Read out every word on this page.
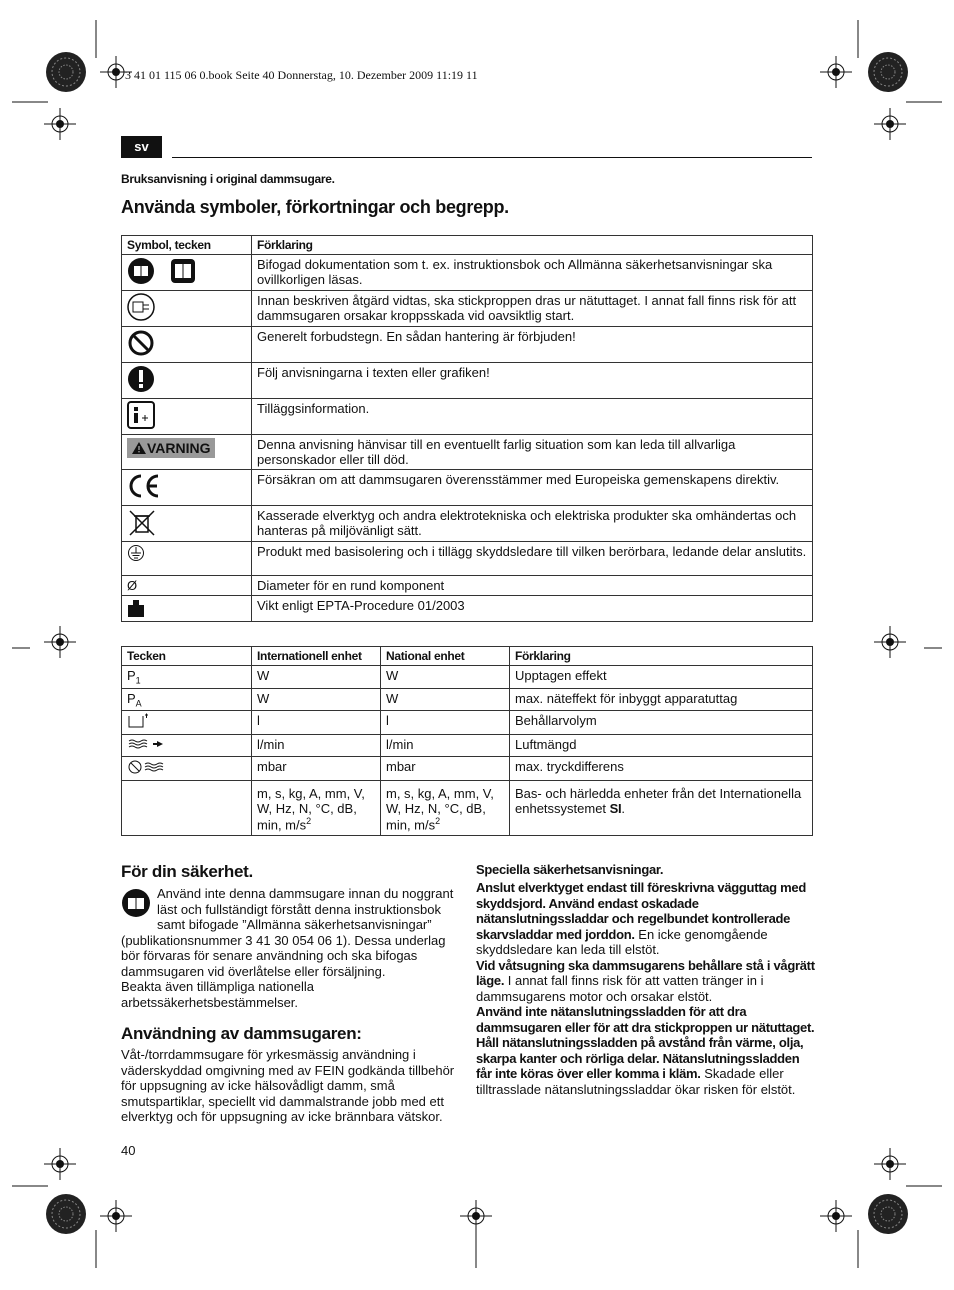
3 41 01 115 06 0.book Seite 40 Donnerstag, 10. Dezember 2009 11:19 11
sv
Bruksanvisning i original dammsugare.
Använda symboler, förkortningar och begrepp.
Symbol, tecken	Förklaring

Bifogad dokumentation som t. ex. instruktionsbok och Allmänna säkerhetsanvisningar ska ovillkorligen läsas.

Innan beskriven åtgärd vidtas, ska stickproppen dras ur nätuttaget. I annat fall finns risk för att dammsugaren orsakar kroppsskada vid oavsiktlig start.

Generelt forbudstegn. En sådan hantering är förbjuden!

Följ anvisningarna i texten eller grafiken!

Tilläggsinformation.

VARNING	Denna anvisning hänvisar till en eventuellt farlig situation som kan leda till allvarliga personskador eller till död.

Försäkran om att dammsugaren överensstämmer med Europeiska gemenskapens direktiv.

Kasserade elverktyg och andra elektrotekniska och elektriska produkter ska omhändertas och hanteras på miljövänligt sätt.

Produkt med basisolering och i tillägg skyddsledare till vilken berörbara, ledande delar anslutits.

Ø	Diameter för en rund komponent

Vikt enligt EPTA-Procedure 01/2003
Tecken	Internationell enhet	National enhet	Förklaring
$P_1$	W	W	Upptagen effekt
$P_A$	W	W	max. näteffekt för inbyggt apparatuttag
	l	l	Behållarvolym
	l/min	l/min	Luftmängd
	mbar	mbar	max. tryckdifferens
	m, s, kg, A, mm, V, W, Hz, N, °C, dB, min, $m/s^2$	m, s, kg, A, mm, V, W, Hz, N, °C, dB, min, $m/s^2$	Bas- och härledda enheter från det Internationella enhetssystemet SI.
För din säkerhet.
Använd inte denna dammsugare innan du noggrant läst och fullständigt förstått denna instruktionsbok samt bifogade ”Allmänna säkerhetsanvisningar” (publikationsnummer 3 41 30 054 06 1). Dessa underlag bör förvaras för senare användning och ska bifogas dammsugaren vid överlåtelse eller försäljning.
Beakta även tillämpliga nationella arbetssäkerhetsbestämmelser.
Användning av dammsugaren:
Våt-/torrdammsugare för yrkesmässig användning i väderskyddad omgivning med av FEIN godkända tillbehör för uppsugning av icke hälsovådligt damm, små smutspartiklar, speciellt vid dammalstrande jobb med ett elverktyg och för uppsugning av icke brännbara vätskor.
Speciella säkerhetsanvisningar.
Anslut elverktyget endast till föreskrivna vägguttag med skyddsjord. Använd endast oskadade nätanslutningssladdar och regelbundet kontrollerade skarvsladdar med jorddon. En icke genomgående skyddsledare kan leda till elstöt.
Vid våtsugning ska dammsugarens behållare stå i vågrätt läge. I annat fall finns risk för att vatten tränger in i dammsugarens motor och orsakar elstöt.
Använd inte nätanslutningssladden för att dra dammsugaren eller för att dra stickproppen ur nätuttaget. Håll nätanslutningssladden på avstånd från värme, olja, skarpa kanter och rörliga delar. Nätanslutningssladden får inte köras över eller komma i kläm. Skadade eller tilltrasslade nätanslutningssladdar ökar risken för elstöt.
40
